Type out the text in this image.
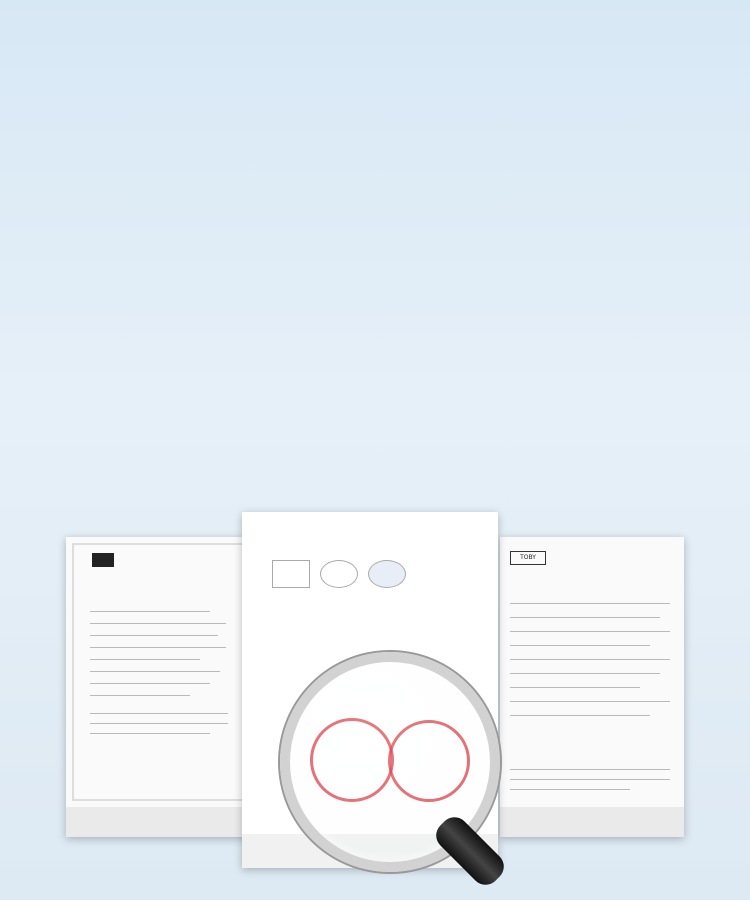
TOBY
